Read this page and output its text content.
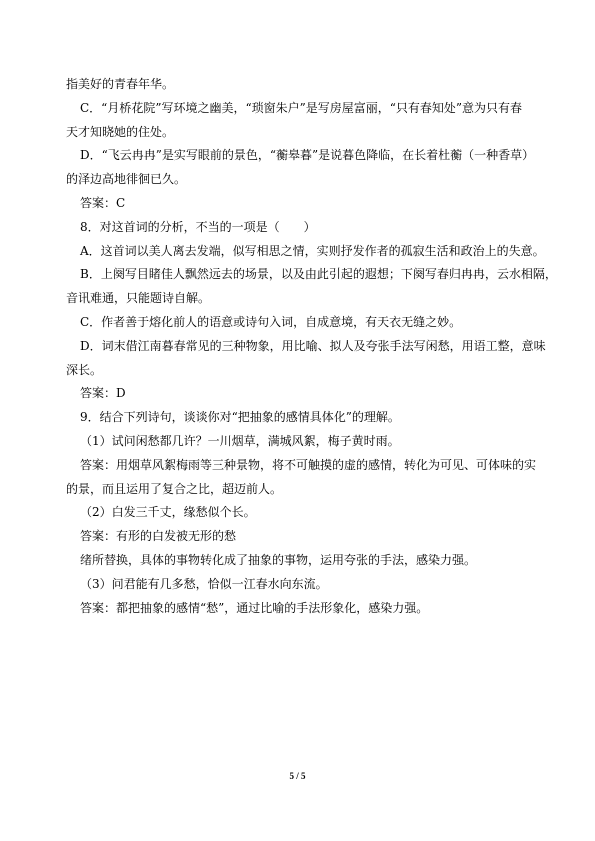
指美好的青春年华。
C．“月桥花院”写环境之幽美，“琐窗朱户”是写房屋富丽，“只有春知处”意为只有春
天才知晓她的住处。
D．“飞云冉冉”是实写眼前的景色，“蘅皋暮”是说暮色降临，在长着杜蘅（一种香草）
的泽边高地徘徊已久。
答案：C
8．对这首词的分析，不当的一项是（　　）
A．这首词以美人离去发端，似写相思之情，实则抒发作者的孤寂生活和政治上的失意。
B．上阕写目睹佳人飘然远去的场景，以及由此引起的遐想；下阕写春归冉冉，云水相隔，
音讯难通，只能题诗自解。
C．作者善于熔化前人的语意或诗句入词，自成意境，有天衣无缝之妙。
D．词末借江南暮春常见的三种物象，用比喻、拟人及夸张手法写闲愁，用语工整，意味
深长。
答案：D
9．结合下列诗句，谈谈你对“把抽象的感情具体化”的理解。
（1）试问闲愁都几许？一川烟草，满城风絮，梅子黄时雨。
答案：用烟草风絮梅雨等三种景物，将不可触摸的虚的感情，转化为可见、可体味的实
的景，而且运用了复合之比，超迈前人。
（2）白发三千丈，缘愁似个长。
答案：有形的白发被无形的愁
绪所替换，具体的事物转化成了抽象的事物，运用夸张的手法，感染力强。
（3）问君能有几多愁，恰似一江春水向东流。
答案：都把抽象的感情“愁”，通过比喻的手法形象化，感染力强。
5 / 5
